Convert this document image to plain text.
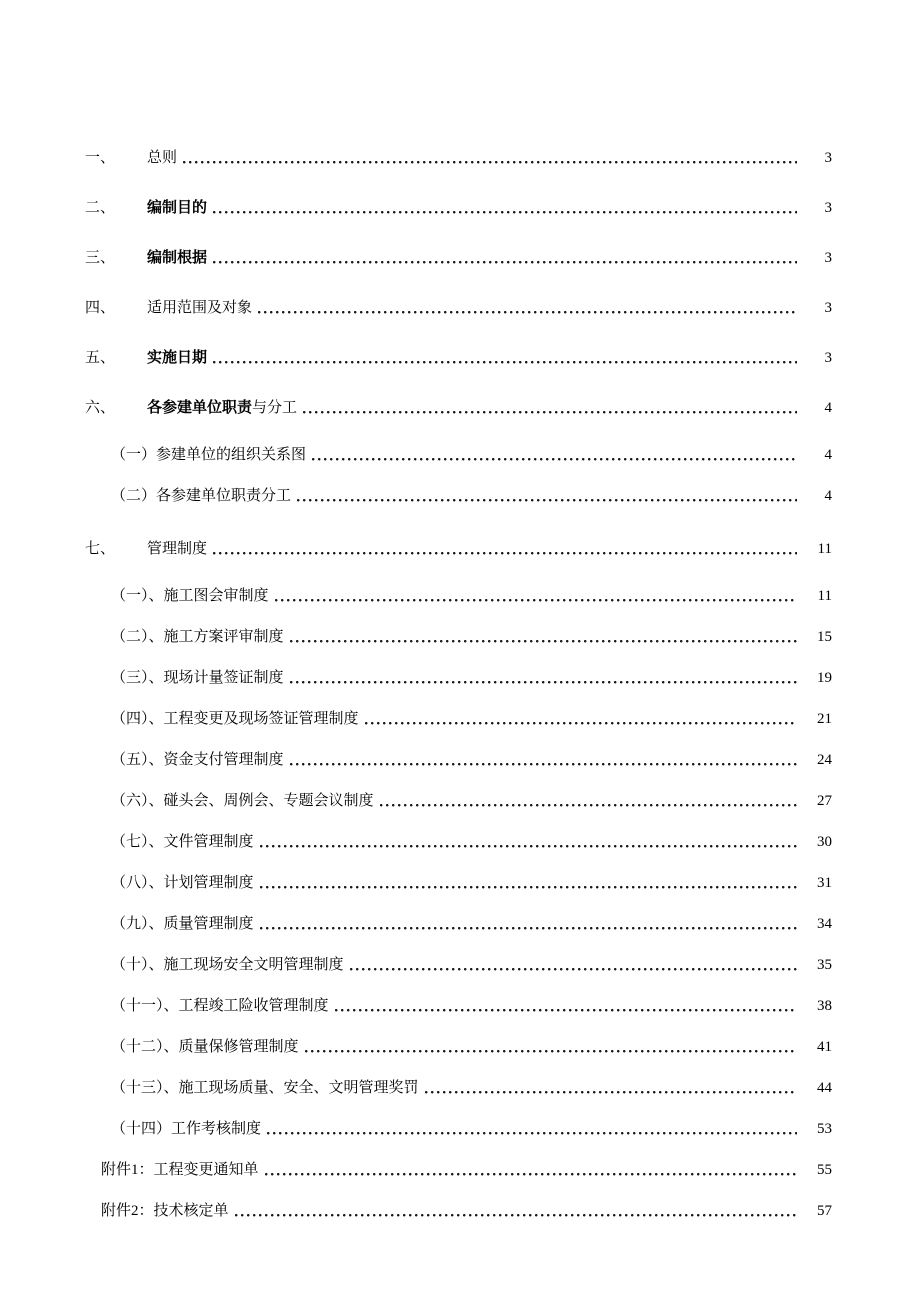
一、	总则	3
二、	编制目的	3
三、	编制根据	3
四、	适用范围及对象	3
五、	实施日期	3
六、	各参建单位职责 与分工	4
（一）参建单位的组织关系图	4
（二）各参建单位职责分工	4
七、	管理制度	11
（一）、施工图会审制度	11
（二）、施工方案评审制度	15
（三）、现场计量签证制度	19
（四）、工程变更及现场签证管理制度	21
（五）、资金支付管理制度	24
（六）、碰头会、周例会、专题会议制度	27
（七）、文件管理制度	30
（八）、计划管理制度	31
（九）、质量管理制度	34
（十）、施工现场安全文明管理制度	35
（十一）、工程竣工险收管理制度	38
（十二）、质量保修管理制度	41
（十三）、施工现场质量、安全、文明管理奖罚	44
（十四）工作考核制度	53
附件1：工程变更通知单	55
附件2：技术核定单	57
